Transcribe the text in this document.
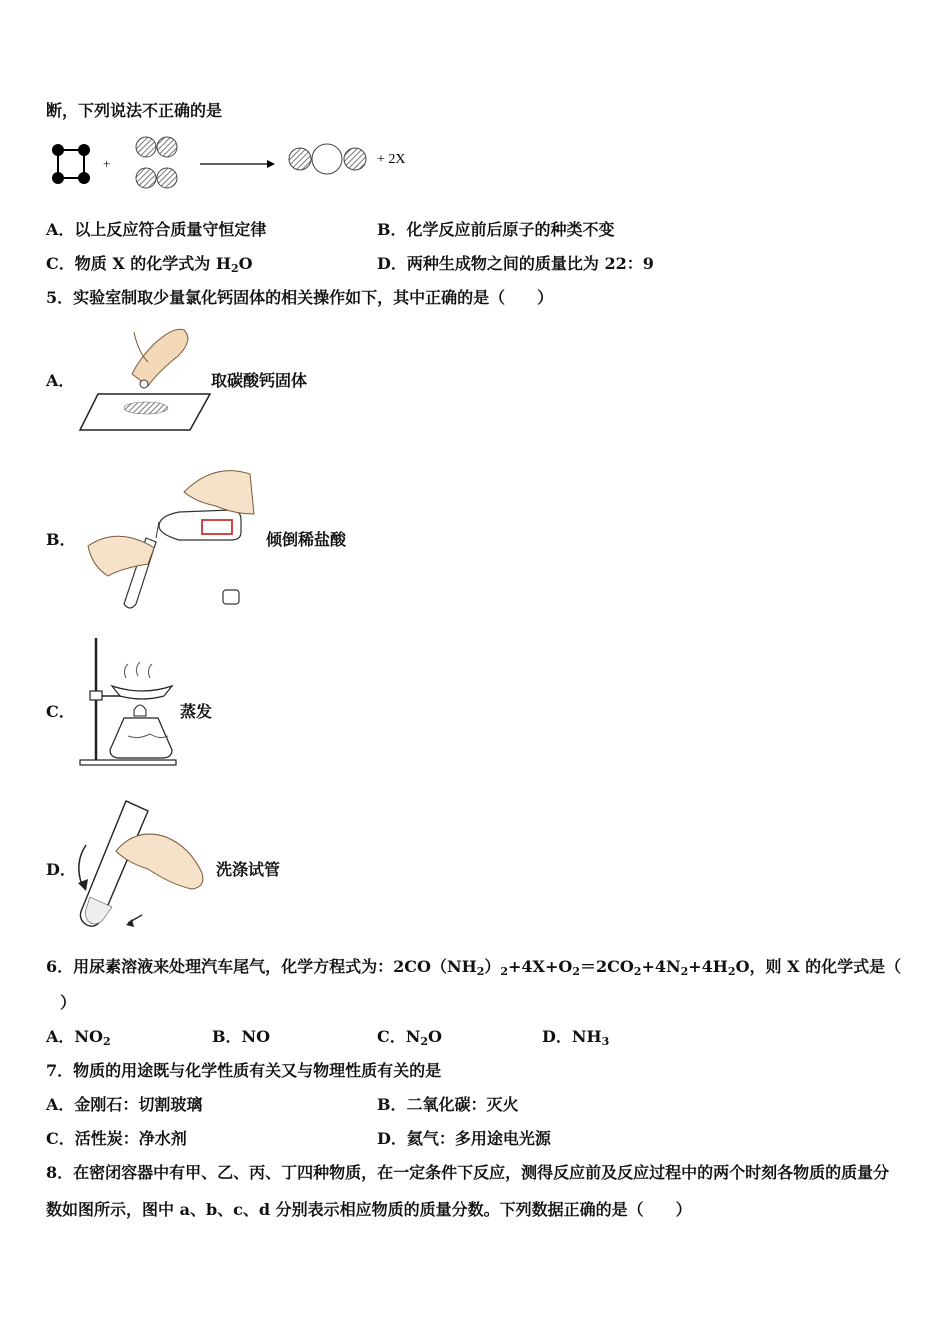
断，下列说法不正确的是
+	+ 2X
A．以上反应符合质量守恒定律	B．化学反应前后原子的种类不变
C．物质 X 的化学式为 $H_2O$	D．两种生成物之间的质量比为 22：9
5．实验室制取少量氯化钙固体的相关操作如下，其中正确的是（　　）
A．	取碳酸钙固体
B．	倾倒稀盐酸
C．	蒸发
D．	洗涤试管
6．用尿素溶液来处理汽车尾气，化学方程式为：$2CO(NH_2)_2+4X+O_2=2CO_2+4N_2+4H_2O$，则 X 的化学式是（
）
A．$NO_2$	B．NO	C．$N_2O$	D．$NH_3$
7．物质的用途既与化学性质有关又与物理性质有关的是
A．金刚石：切割玻璃	B．二氧化碳：灭火
C．活性炭：净水剂	D．氦气：多用途电光源
8．在密闭容器中有甲、乙、丙、丁四种物质，在一定条件下反应，测得反应前及反应过程中的两个时刻各物质的质量分
数如图所示，图中 a、b、c、d 分别表示相应物质的质量分数。下列数据正确的是（　　）
